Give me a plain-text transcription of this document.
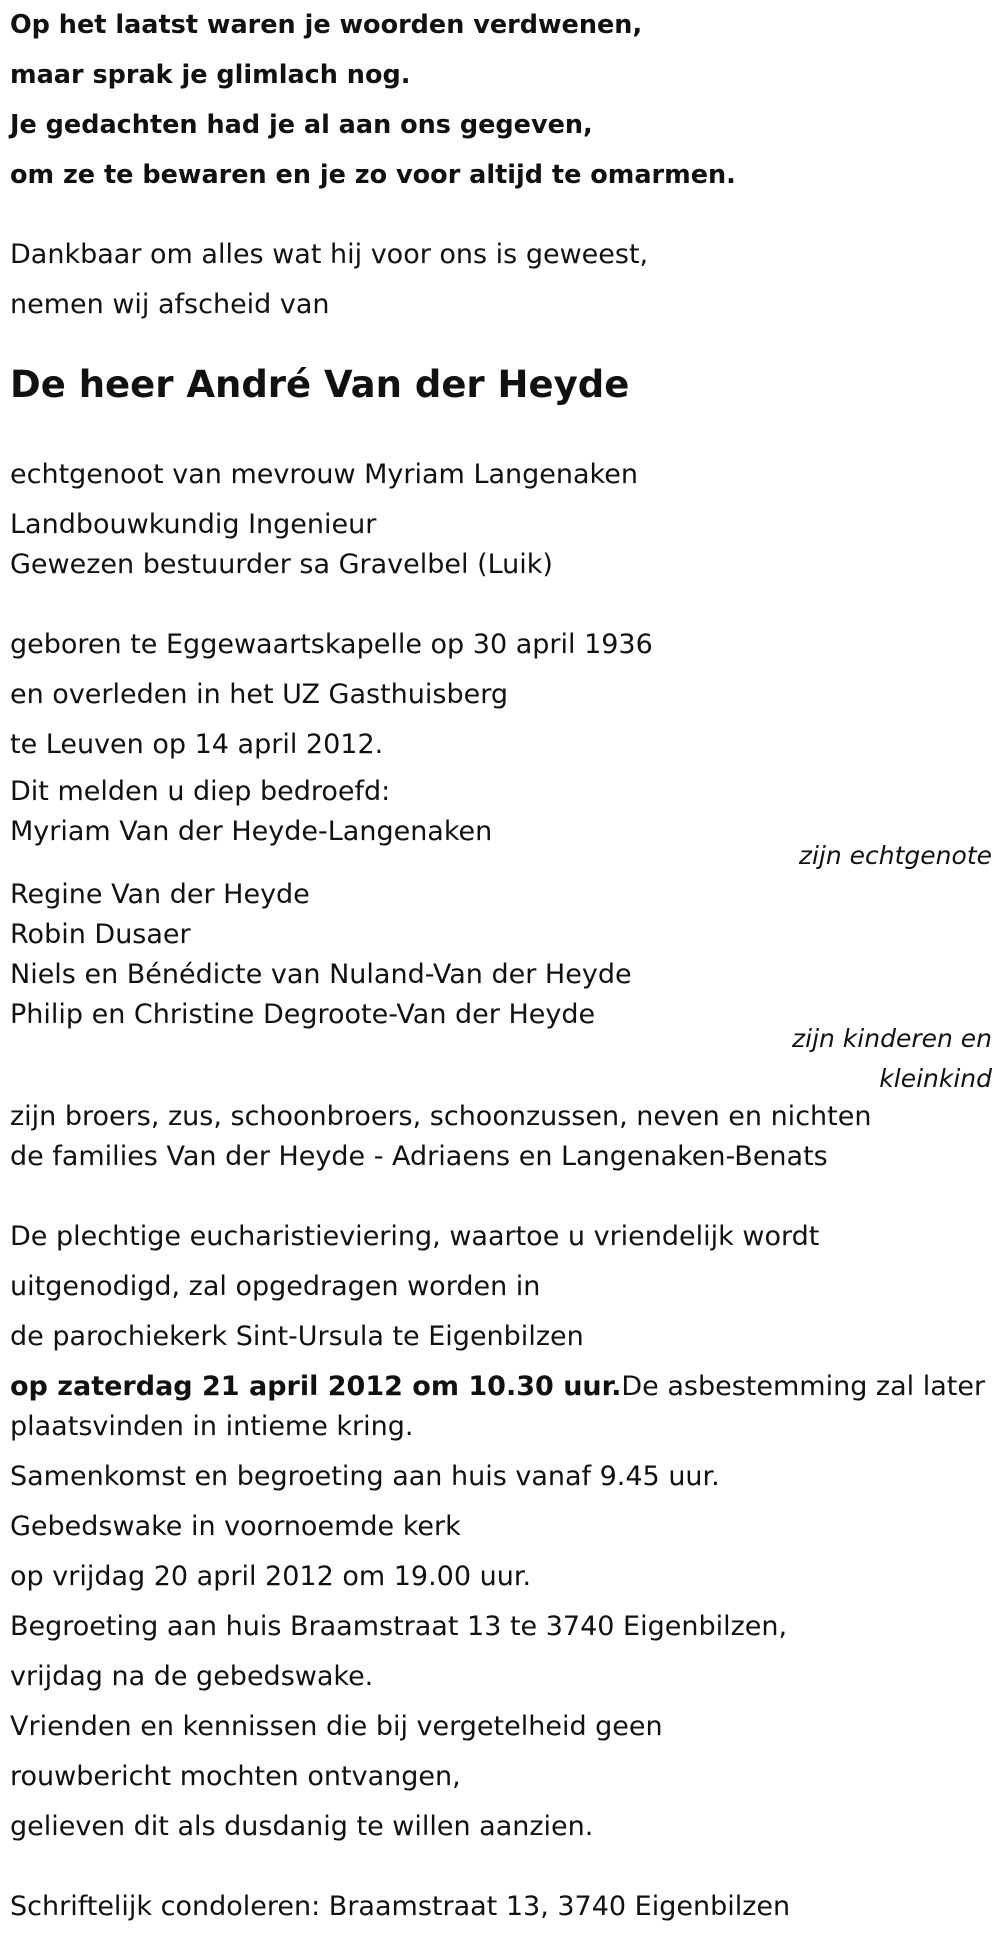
Op het laatst waren je woorden verdwenen,
maar sprak je glimlach nog.
Je gedachten had je al aan ons gegeven,
om ze te bewaren en je zo voor altijd te omarmen.
Dankbaar om alles wat hij voor ons is geweest,
nemen wij afscheid van
De heer André Van der Heyde
echtgenoot van mevrouw Myriam Langenaken
Landbouwkundig Ingenieur
Gewezen bestuurder sa Gravelbel (Luik)
geboren te Eggewaartskapelle op 30 april 1936
en overleden in het UZ Gasthuisberg
te Leuven op 14 april 2012.
Dit melden u diep bedroefd:
Myriam Van der Heyde-Langenaken
zijn echtgenote
Regine Van der Heyde
Robin Dusaer
Niels en Bénédicte van Nuland-Van der Heyde
Philip en Christine Degroote-Van der Heyde
zijn kinderen en
kleinkind
zijn broers, zus, schoonbroers, schoonzussen, neven en nichten
de families Van der Heyde - Adriaens en Langenaken-Benats
De plechtige eucharistieviering, waartoe u vriendelijk wordt
uitgenodigd, zal opgedragen worden in
de parochiekerk Sint-Ursula te Eigenbilzen
op zaterdag 21 april 2012 om 10.30 uur.De asbestemming zal later
plaatsvinden in intieme kring.
Samenkomst en begroeting aan huis vanaf 9.45 uur.
Gebedswake in voornoemde kerk
op vrijdag 20 april 2012 om 19.00 uur.
Begroeting aan huis Braamstraat 13 te 3740 Eigenbilzen,
vrijdag na de gebedswake.
Vrienden en kennissen die bij vergetelheid geen
rouwbericht mochten ontvangen,
gelieven dit als dusdanig te willen aanzien.
Schriftelijk condoleren: Braamstraat 13, 3740 Eigenbilzen
